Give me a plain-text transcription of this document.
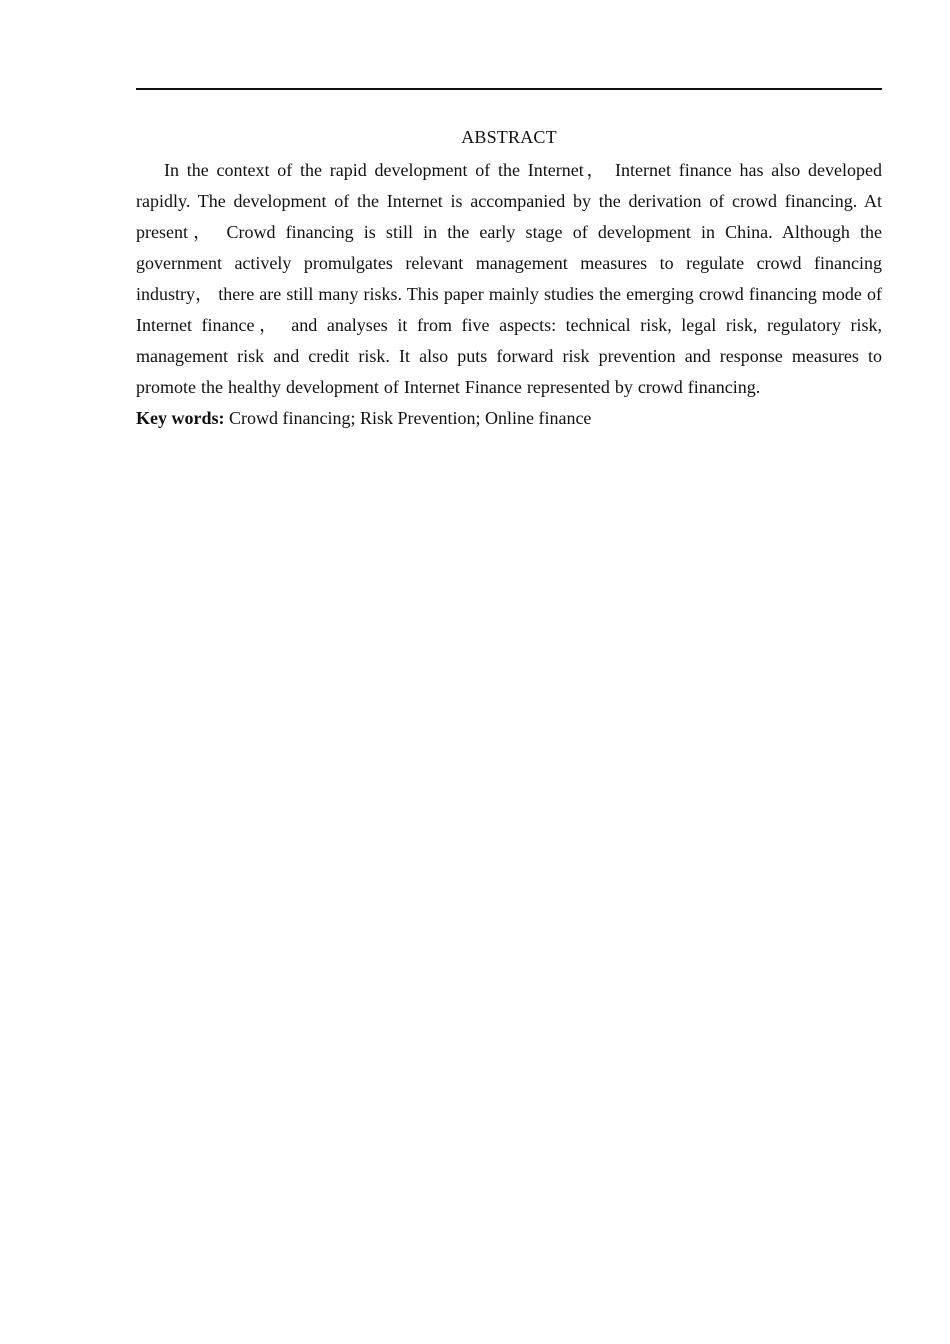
ABSTRACT

In the context of the rapid development of the Internet， Internet finance has also developed rapidly. The development of the Internet is accompanied by the derivation of crowd financing. At present， Crowd financing is still in the early stage of development in China. Although the government actively promulgates relevant management measures to regulate crowd financing industry， there are still many risks. This paper mainly studies the emerging crowd financing mode of Internet finance， and analyses it from five aspects: technical risk, legal risk, regulatory risk, management risk and credit risk. It also puts forward risk prevention and response measures to promote the healthy development of Internet Finance represented by crowd financing.

Key words: Crowd financing; Risk Prevention; Online finance
